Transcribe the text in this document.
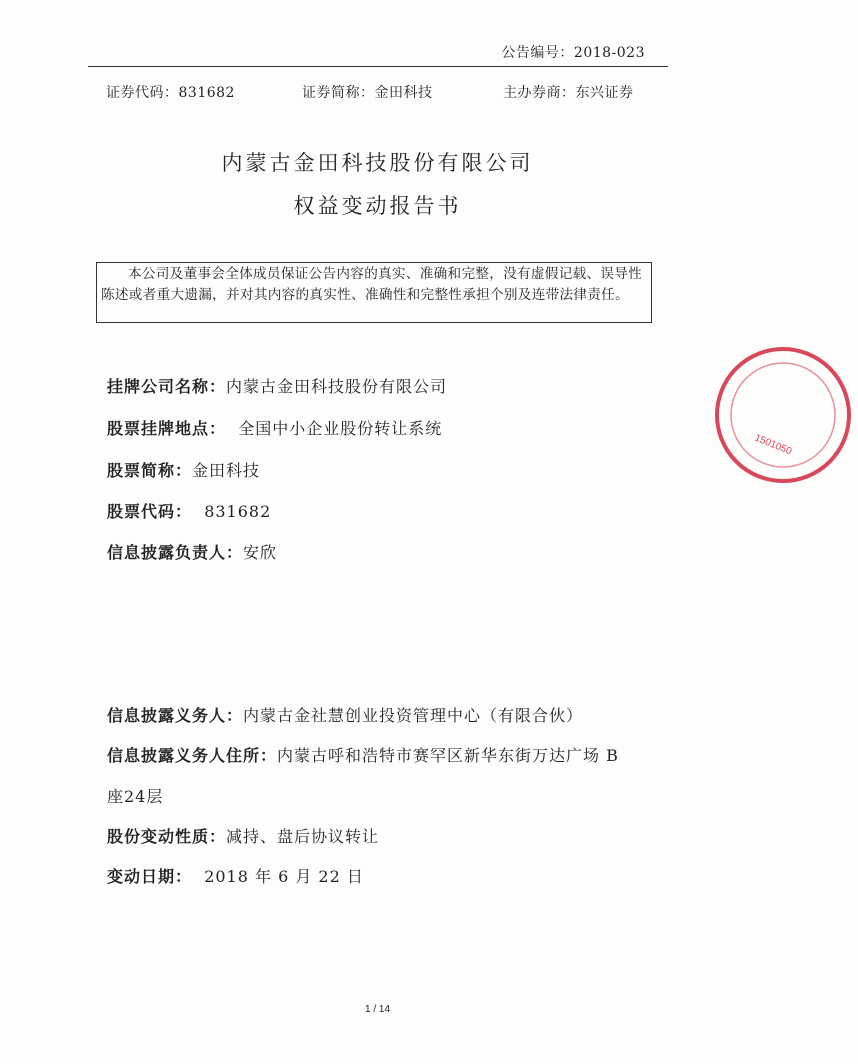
公告编号：2018-023
证券代码：831682	证券简称：金田科技	主办券商：东兴证券
内蒙古金田科技股份有限公司
权益变动报告书
本公司及董事会全体成员保证公告内容的真实、准确和完整，没有虚假记载、误导性陈述或者重大遗漏，并对其内容的真实性、准确性和完整性承担个别及连带法律责任。
挂牌公司名称：内蒙古金田科技股份有限公司
股票挂牌地点： 全国中小企业股份转让系统
股票简称：金田科技
股票代码： 831682
信息披露负责人：安欣
信息披露义务人：内蒙古金社慧创业投资管理中心（有限合伙）
信息披露义务人住所：内蒙古呼和浩特市赛罕区新华东街万达广场 B
座24层
股份变动性质：减持、盘后协议转让
变动日期： 2018 年 6 月 22 日
1 / 14
1501050
